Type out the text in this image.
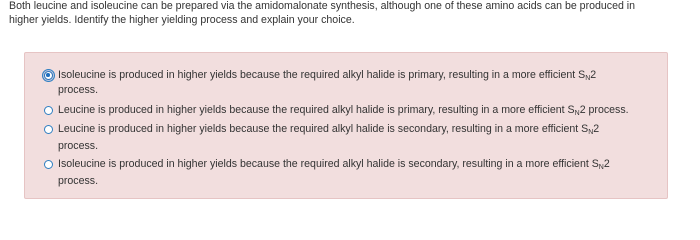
Both leucine and isoleucine can be prepared via the amidomalonate synthesis, although one of these amino acids can be produced in
higher yields. Identify the higher yielding process and explain your choice.
Isoleucine is produced in higher yields because the required alkyl halide is primary, resulting in a more efficient $S_N2$
process.
Leucine is produced in higher yields because the required alkyl halide is primary, resulting in a more efficient $S_N2$ process.
Leucine is produced in higher yields because the required alkyl halide is secondary, resulting in a more efficient $S_N2$
process.
Isoleucine is produced in higher yields because the required alkyl halide is secondary, resulting in a more efficient $S_N2$
process.
